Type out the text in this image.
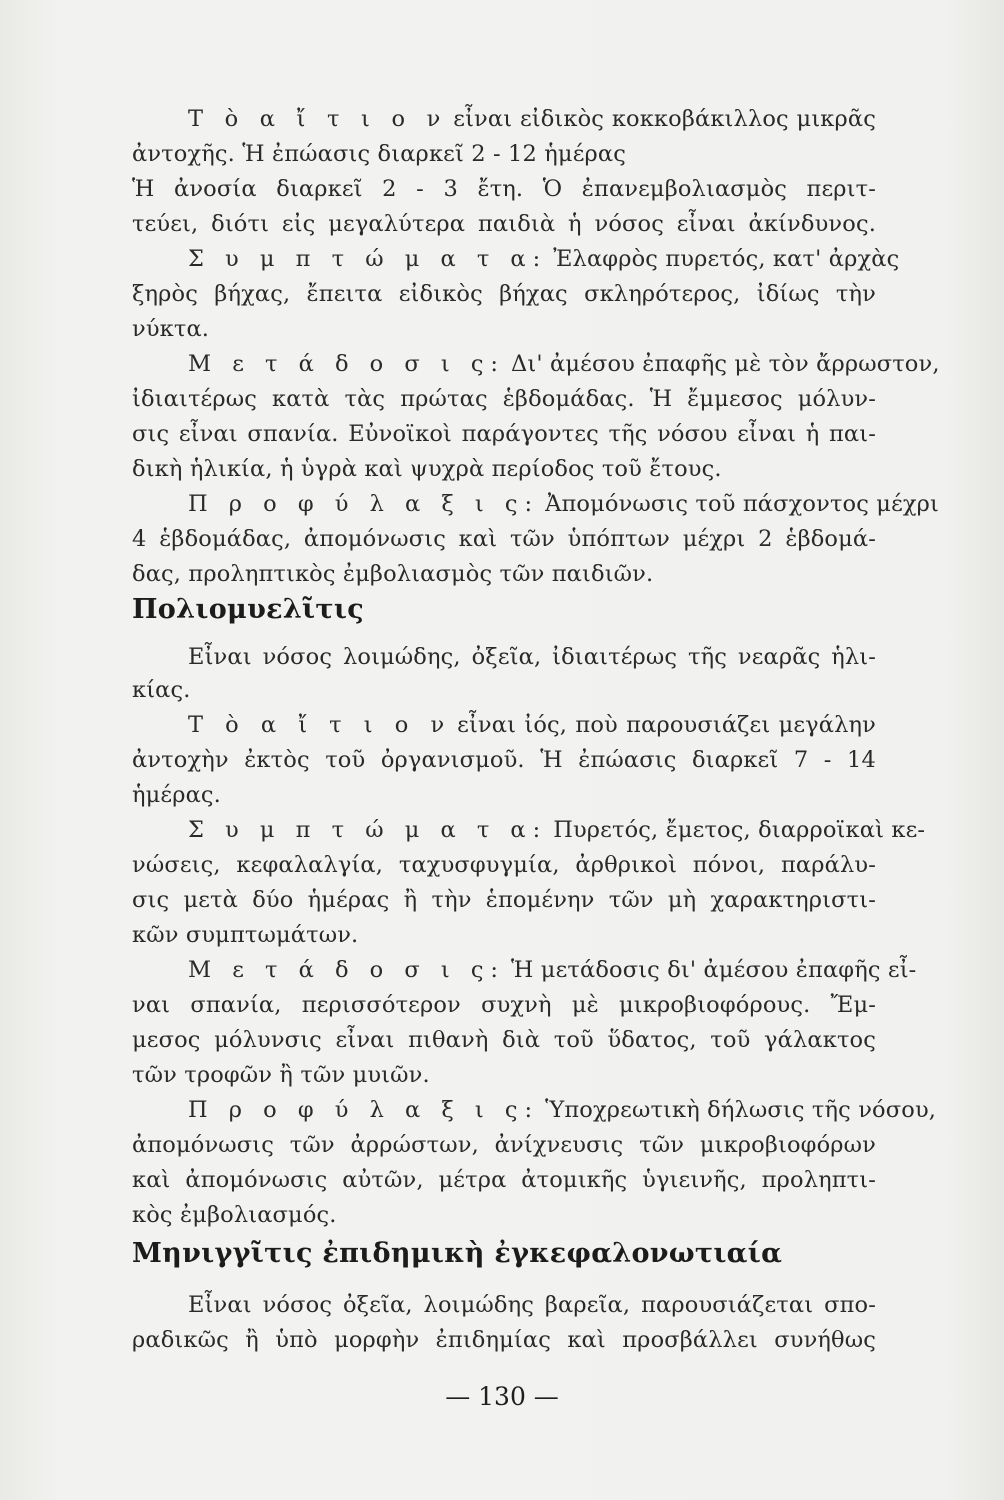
Τ ὸ α ἴ τ ι ο ν εἶναι εἰδικὸς κοκκοβάκιλλος μικρᾶς
ἀντοχῆς. Ἡ ἐπώασις διαρκεῖ 2 - 12 ἡμέρας
Ἡ ἀνοσία διαρκεῖ 2 - 3 ἔτη. Ὁ ἐπανεμβολιασμὸς περιτ-
τεύει, διότι εἰς μεγαλύτερα παιδιὰ ἡ νόσος εἶναι ἀκίνδυνος.
Σ υ μ π τ ώ μ α τ α: Ἐλαφρὸς πυρετός, κατ' ἀρχὰς
ξηρὸς βήχας, ἔπειτα εἰδικὸς βήχας σκληρότερος, ἰδίως τὴν
νύκτα.
Μ ε τ ά δ ο σ ι ς: Δι' ἀμέσου ἐπαφῆς μὲ τὸν ἄρρωστον,
ἰδιαιτέρως κατὰ τὰς πρώτας ἑβδομάδας. Ἡ ἔμμεσος μόλυν-
σις εἶναι σπανία. Εὐνοϊκοὶ παράγοντες τῆς νόσου εἶναι ἡ παι-
δικὴ ἡλικία, ἡ ὑγρὰ καὶ ψυχρὰ περίοδος τοῦ ἔτους.
Π ρ ο φ ύ λ α ξ ι ς: Ἀπομόνωσις τοῦ πάσχοντος μέχρι
4 ἑβδομάδας, ἀπομόνωσις καὶ τῶν ὑπόπτων μέχρι 2 ἑβδομά-
δας, προληπτικὸς ἐμβολιασμὸς τῶν παιδιῶν.
Πολιομυελῖτις
Εἶναι νόσος λοιμώδης, ὀξεῖα, ἰδιαιτέρως τῆς νεαρᾶς ἡλι-
κίας.
Τ ὸ α ἴ τ ι ο ν εἶναι ἰός, ποὺ παρουσιάζει μεγάλην
ἀντοχὴν ἐκτὸς τοῦ ὀργανισμοῦ. Ἡ ἐπώασις διαρκεῖ 7 - 14
ἡμέρας.
Σ υ μ π τ ώ μ α τ α: Πυρετός, ἔμετος, διαρροϊκαὶ κε-
νώσεις, κεφαλαλγία, ταχυσφυγμία, ἀρθρικοὶ πόνοι, παράλυ-
σις μετὰ δύο ἡμέρας ἢ τὴν ἑπομένην τῶν μὴ χαρακτηριστι-
κῶν συμπτωμάτων.
Μ ε τ ά δ ο σ ι ς: Ἡ μετάδοσις δι' ἀμέσου ἐπαφῆς εἶ-
ναι σπανία, περισσότερον συχνὴ μὲ μικροβιοφόρους. Ἔμ-
μεσος μόλυνσις εἶναι πιθανὴ διὰ τοῦ ὕδατος, τοῦ γάλακτος
τῶν τροφῶν ἢ τῶν μυιῶν.
Π ρ ο φ ύ λ α ξ ι ς: Ὑποχρεωτικὴ δήλωσις τῆς νόσου,
ἀπομόνωσις τῶν ἀρρώστων, ἀνίχνευσις τῶν μικροβιοφόρων
καὶ ἀπομόνωσις αὐτῶν, μέτρα ἀτομικῆς ὑγιεινῆς, προληπτι-
κὸς ἐμβολιασμός.
Μηνιγγῖτις ἐπιδημικὴ ἐγκεφαλονωτιαία
Εἶναι νόσος ὀξεῖα, λοιμώδης βαρεῖα, παρουσιάζεται σπο-
ραδικῶς ἢ ὑπὸ μορφὴν ἐπιδημίας καὶ προσβάλλει συνήθως
— 130 —
